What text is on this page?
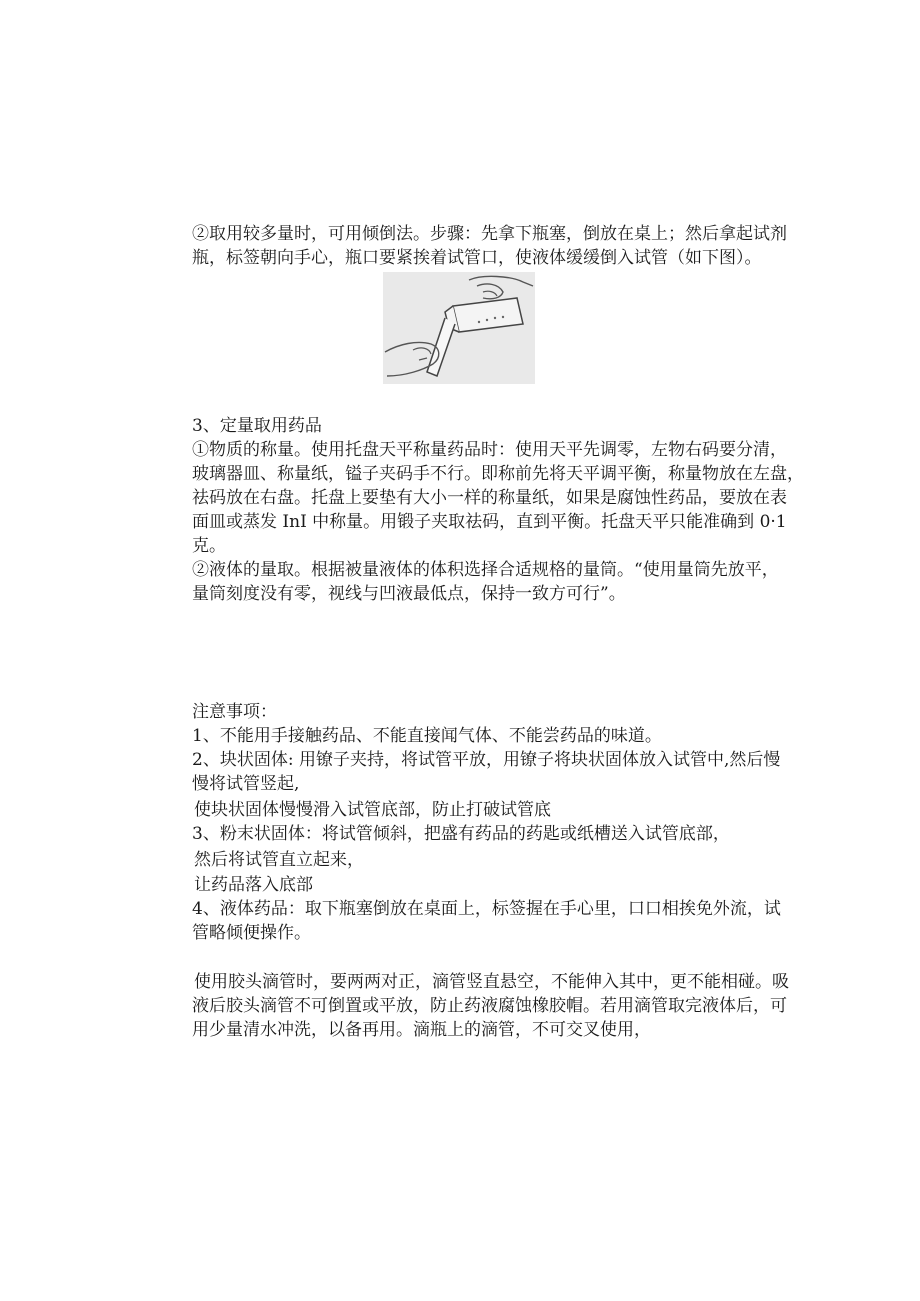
②取用较多量时，可用倾倒法。步骤：先拿下瓶塞，倒放在桌上；然后拿起试剂
瓶，标签朝向手心，瓶口要紧挨着试管口，使液体缓缓倒入试管（如下图）。
3、定量取用药品
①物质的称量。使用托盘天平称量药品时：使用天平先调零，左物右码要分清，
玻璃器皿、称量纸，镒子夹码手不行。即称前先将天平调平衡，称量物放在左盘，
祛码放在右盘。托盘上要垫有大小一样的称量纸，如果是腐蚀性药品，要放在表
面皿或蒸发 InI 中称量。用锻子夹取祛码，直到平衡。托盘天平只能准确到 0·1
克。
②液体的量取。根据被量液体的体积选择合适规格的量筒。“使用量筒先放平，
量筒刻度没有零，视线与凹液最低点，保持一致方可行”。
注意事项：
1、不能用手接触药品、不能直接闻气体、不能尝药品的味道。
2、块状固体: 用镣子夹持，将试管平放，用镣子将块状固体放入试管中,然后慢
慢将试管竖起,
使块状固体慢慢滑入试管底部，防止打破试管底
3、粉末状固体：将试管倾斜，把盛有药品的药匙或纸槽送入试管底部，
然后将试管直立起来，
让药品落入底部
4、液体药品：取下瓶塞倒放在桌面上，标签握在手心里，口口相挨免外流，试
管略倾便操作。
使用胶头滴管时，要两两对正，滴管竖直悬空，不能伸入其中，更不能相碰。吸
液后胶头滴管不可倒置或平放，防止药液腐蚀橡胶帽。若用滴管取完液体后，可
用少量清水冲洗，以备再用。滴瓶上的滴管，不可交叉使用，
